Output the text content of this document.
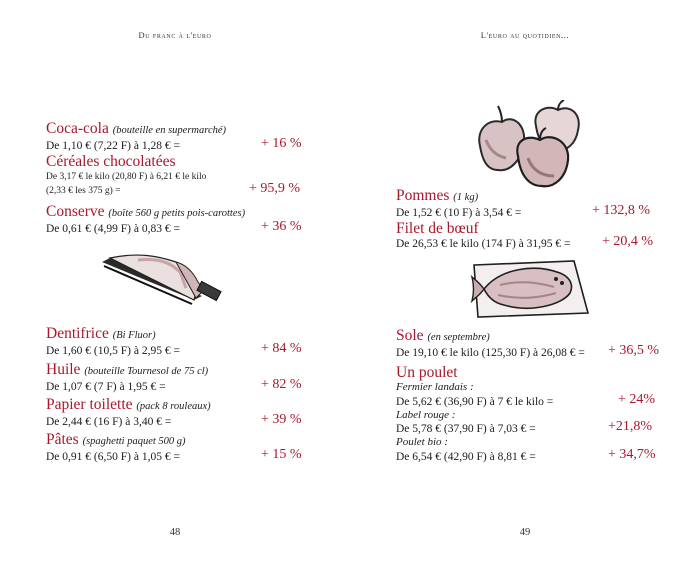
Du franc à l'euro
Coca-cola (bouteille en supermarché)
De 1,10 € (7,22 F) à 1,28 € =	+ 16 %
Céréales chocolatées
De 3,17 € le kilo (20,80 F) à 6,21 € le kilo
(2,33 € les 375 g) =	+ 95,9 %
Conserve (boîte 560 g petits pois-carottes)
De 0,61 € (4,99 F) à 0,83 € =	+ 36 %
Dentifrice (Bi Fluor)
De 1,60 € (10,5 F) à 2,95 € =	+ 84 %
Huile (bouteille Tournesol de 75 cl)
De 1,07 € (7 F) à 1,95 € =	+ 82 %
Papier toilette (pack 8 rouleaux)
De 2,44 € (16 F) à 3,40 € =	+ 39 %
Pâtes (spaghetti paquet 500 g)
De 0,91 € (6,50 F) à 1,05 € =	+ 15 %
48
L'euro au quotidien...
Pommes (1 kg)
De 1,52 € (10 F) à 3,54 € =	+ 132,8 %
Filet de bœuf
De 26,53 € le kilo (174 F) à 31,95 € = + 20,4 %
Sole (en septembre)
De 19,10 € le kilo (125,30 F) à 26,08 € = + 36,5 %
Un poulet
Fermier landais :
De 5,62 € (36,90 F) à 7 € le kilo =	+ 24%
Label rouge :
De 5,78 € (37,90 F) à 7,03 € =	+21,8%
Poulet bio :
De 6,54 € (42,90 F) à 8,81 € =	+ 34,7%
49
